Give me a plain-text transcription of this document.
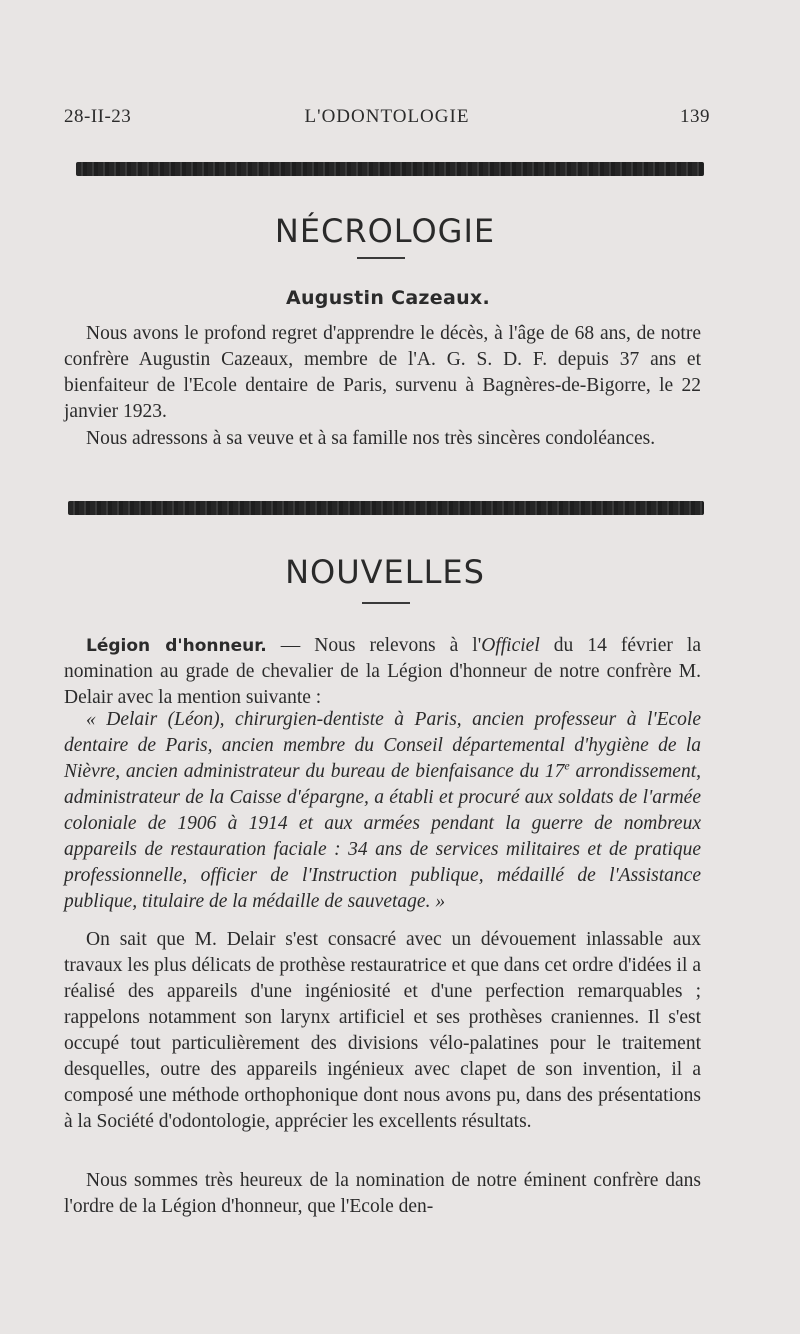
28-II-23	L'ODONTOLOGIE	139
NÉCROLOGIE
Augustin Cazeaux.

Nous avons le profond regret d'apprendre le décès, à l'âge de 68 ans, de notre confrère Augustin Cazeaux, membre de l'A. G. S. D. F. depuis 37 ans et bienfaiteur de l'Ecole dentaire de Paris, survenu à Bagnères-de-Bigorre, le 22 janvier 1923.

Nous adressons à sa veuve et à sa famille nos très sincères condoléances.

NOUVELLES

Légion d'honneur. — Nous relevons à l'Officiel du 14 février la nomination au grade de chevalier de la Légion d'honneur de notre confrère M. Delair avec la mention suivante :

« Delair (Léon), chirurgien-dentiste à Paris, ancien professeur à l'Ecole dentaire de Paris, ancien membre du Conseil départemental d'hygiène de la Nièvre, ancien administrateur du bureau de bienfaisance du 17e arrondissement, administrateur de la Caisse d'épargne, a établi et procuré aux soldats de l'armée coloniale de 1906 à 1914 et aux armées pendant la guerre de nombreux appareils de restauration faciale : 34 ans de services militaires et de pratique professionnelle, officier de l'Instruction publique, médaillé de l'Assistance publique, titulaire de la médaille de sauvetage. »

On sait que M. Delair s'est consacré avec un dévouement inlassable aux travaux les plus délicats de prothèse restauratrice et que dans cet ordre d'idées il a réalisé des appareils d'une ingéniosité et d'une perfection remarquables ; rappelons notamment son larynx artificiel et ses prothèses craniennes. Il s'est occupé tout particulièrement des divisions vélo-palatines pour le traitement desquelles, outre des appareils ingénieux avec clapet de son invention, il a composé une méthode orthophonique dont nous avons pu, dans des présentations à la Société d'odontologie, apprécier les excellents résultats.

Nous sommes très heureux de la nomination de notre éminent confrère dans l'ordre de la Légion d'honneur, que l'Ecole den-
